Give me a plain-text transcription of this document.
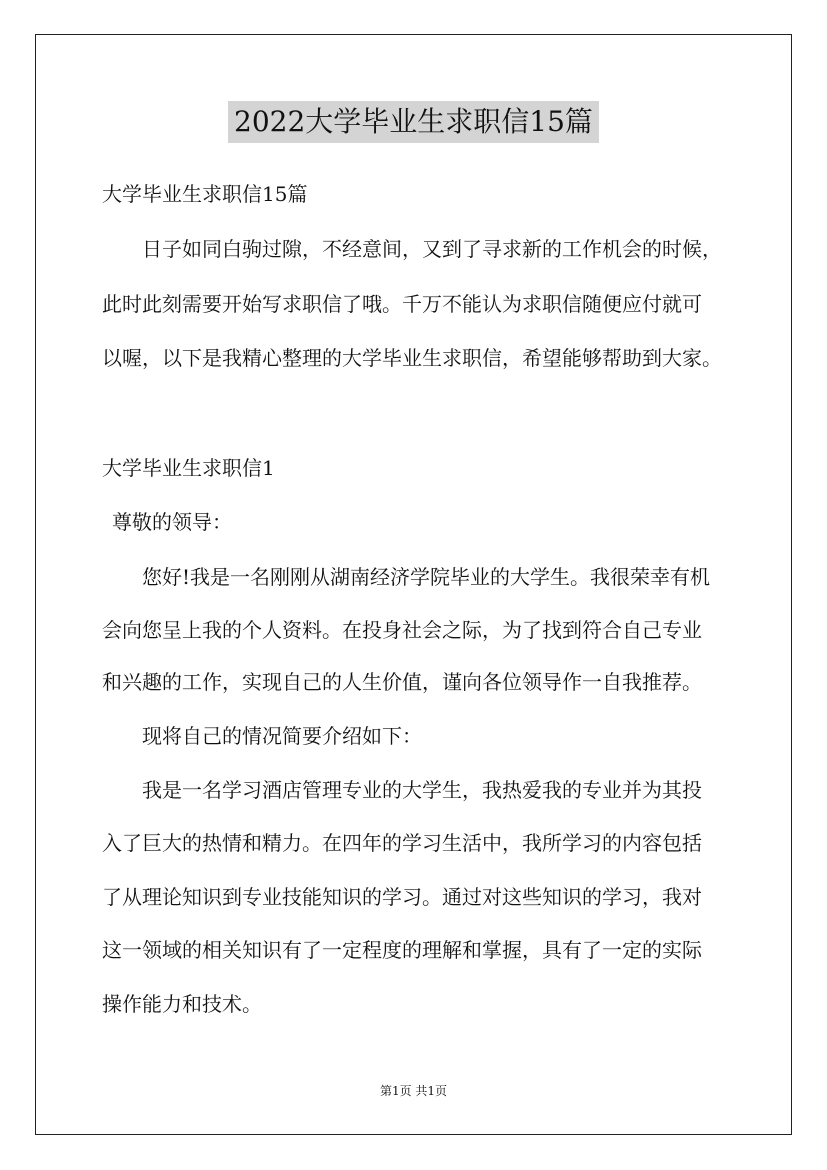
2022大学毕业生求职信15篇
大学毕业生求职信15篇
日子如同白驹过隙，不经意间，又到了寻求新的工作机会的时候，
此时此刻需要开始写求职信了哦。千万不能认为求职信随便应付就可
以喔，以下是我精心整理的大学毕业生求职信，希望能够帮助到大家。
大学毕业生求职信1
尊敬的领导：
您好!我是一名刚刚从湖南经济学院毕业的大学生。我很荣幸有机
会向您呈上我的个人资料。在投身社会之际，为了找到符合自己专业
和兴趣的工作，实现自己的人生价值，谨向各位领导作一自我推荐。
现将自己的情况简要介绍如下：
我是一名学习酒店管理专业的大学生，我热爱我的专业并为其投
入了巨大的热情和精力。在四年的学习生活中，我所学习的内容包括
了从理论知识到专业技能知识的学习。通过对这些知识的学习，我对
这一领域的相关知识有了一定程度的理解和掌握，具有了一定的实际
操作能力和技术。
第1页 共1页
